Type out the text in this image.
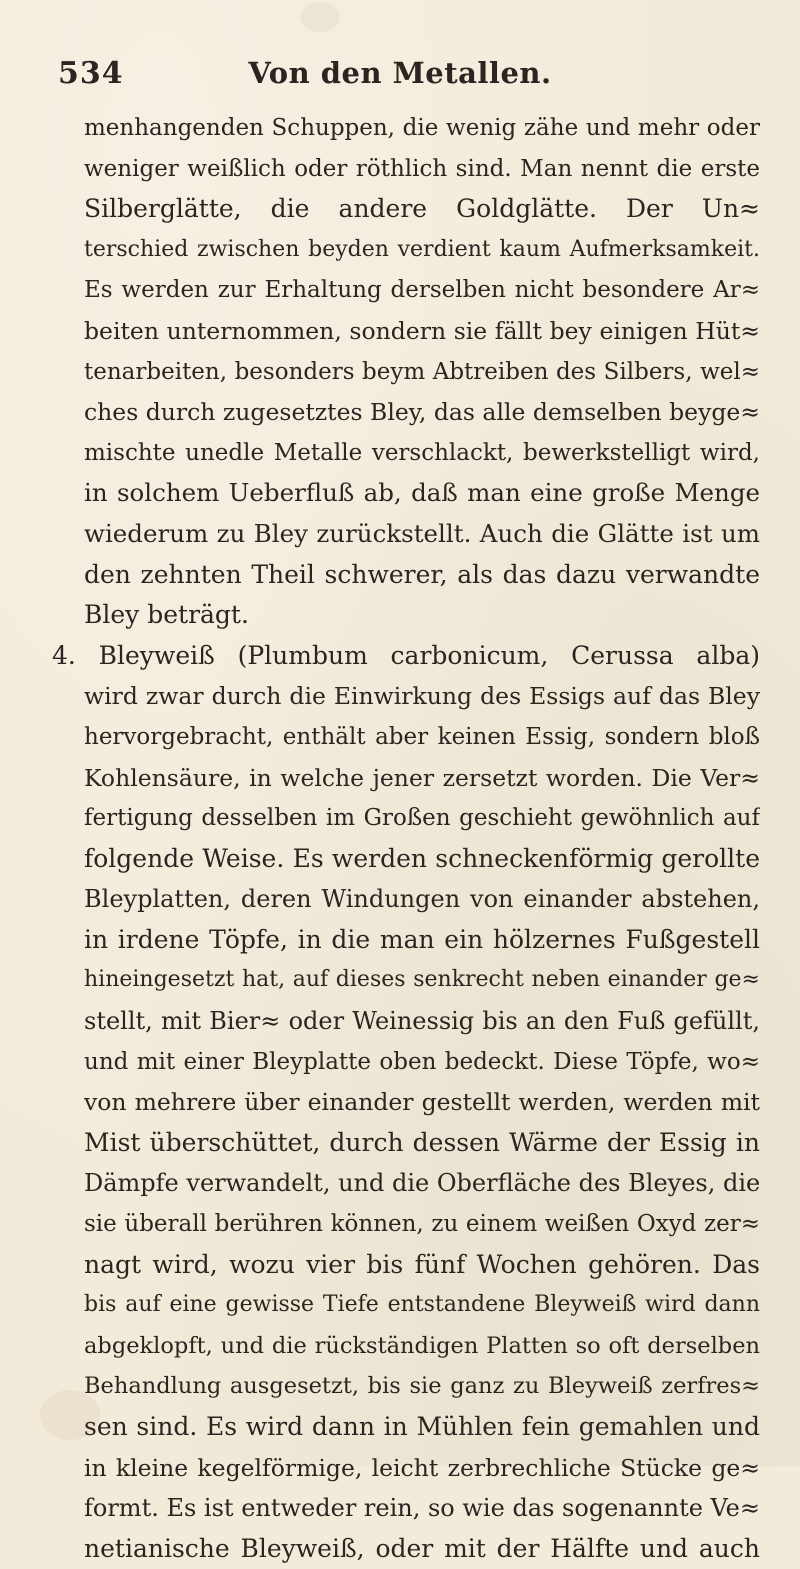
534	Von den Metallen.
menhangenden Schuppen, die wenig zähe und mehr oder
weniger weißlich oder röthlich sind. Man nennt die erste
Silberglätte, die andere Goldglätte. Der Un≈
terschied zwischen beyden verdient kaum Aufmerksamkeit.
Es werden zur Erhaltung derselben nicht besondere Ar≈
beiten unternommen, sondern sie fällt bey einigen Hüt≈
tenarbeiten, besonders beym Abtreiben des Silbers, wel≈
ches durch zugesetztes Bley, das alle demselben beyge≈
mischte unedle Metalle verschlackt, bewerkstelligt wird,
in solchem Ueberfluß ab, daß man eine große Menge
wiederum zu Bley zurückstellt. Auch die Glätte ist um
den zehnten Theil schwerer, als das dazu verwandte
Bley beträgt.
4. Bleyweiß (Plumbum carbonicum, Cerussa alba)
wird zwar durch die Einwirkung des Essigs auf das Bley
hervorgebracht, enthält aber keinen Essig, sondern bloß
Kohlensäure, in welche jener zersetzt worden. Die Ver≈
fertigung desselben im Großen geschieht gewöhnlich auf
folgende Weise. Es werden schneckenförmig gerollte
Bleyplatten, deren Windungen von einander abstehen,
in irdene Töpfe, in die man ein hölzernes Fußgestell
hineingesetzt hat, auf dieses senkrecht neben einander ge≈
stellt, mit Bier≈ oder Weinessig bis an den Fuß gefüllt,
und mit einer Bleyplatte oben bedeckt. Diese Töpfe, wo≈
von mehrere über einander gestellt werden, werden mit
Mist überschüttet, durch dessen Wärme der Essig in
Dämpfe verwandelt, und die Oberfläche des Bleyes, die
sie überall berühren können, zu einem weißen Oxyd zer≈
nagt wird, wozu vier bis fünf Wochen gehören. Das
bis auf eine gewisse Tiefe entstandene Bleyweiß wird dann
abgeklopft, und die rückständigen Platten so oft derselben
Behandlung ausgesetzt, bis sie ganz zu Bleyweiß zerfres≈
sen sind. Es wird dann in Mühlen fein gemahlen und
in kleine kegelförmige, leicht zerbrechliche Stücke ge≈
formt. Es ist entweder rein, so wie das sogenannte Ve≈
netianische Bleyweiß, oder mit der Hälfte und auch
